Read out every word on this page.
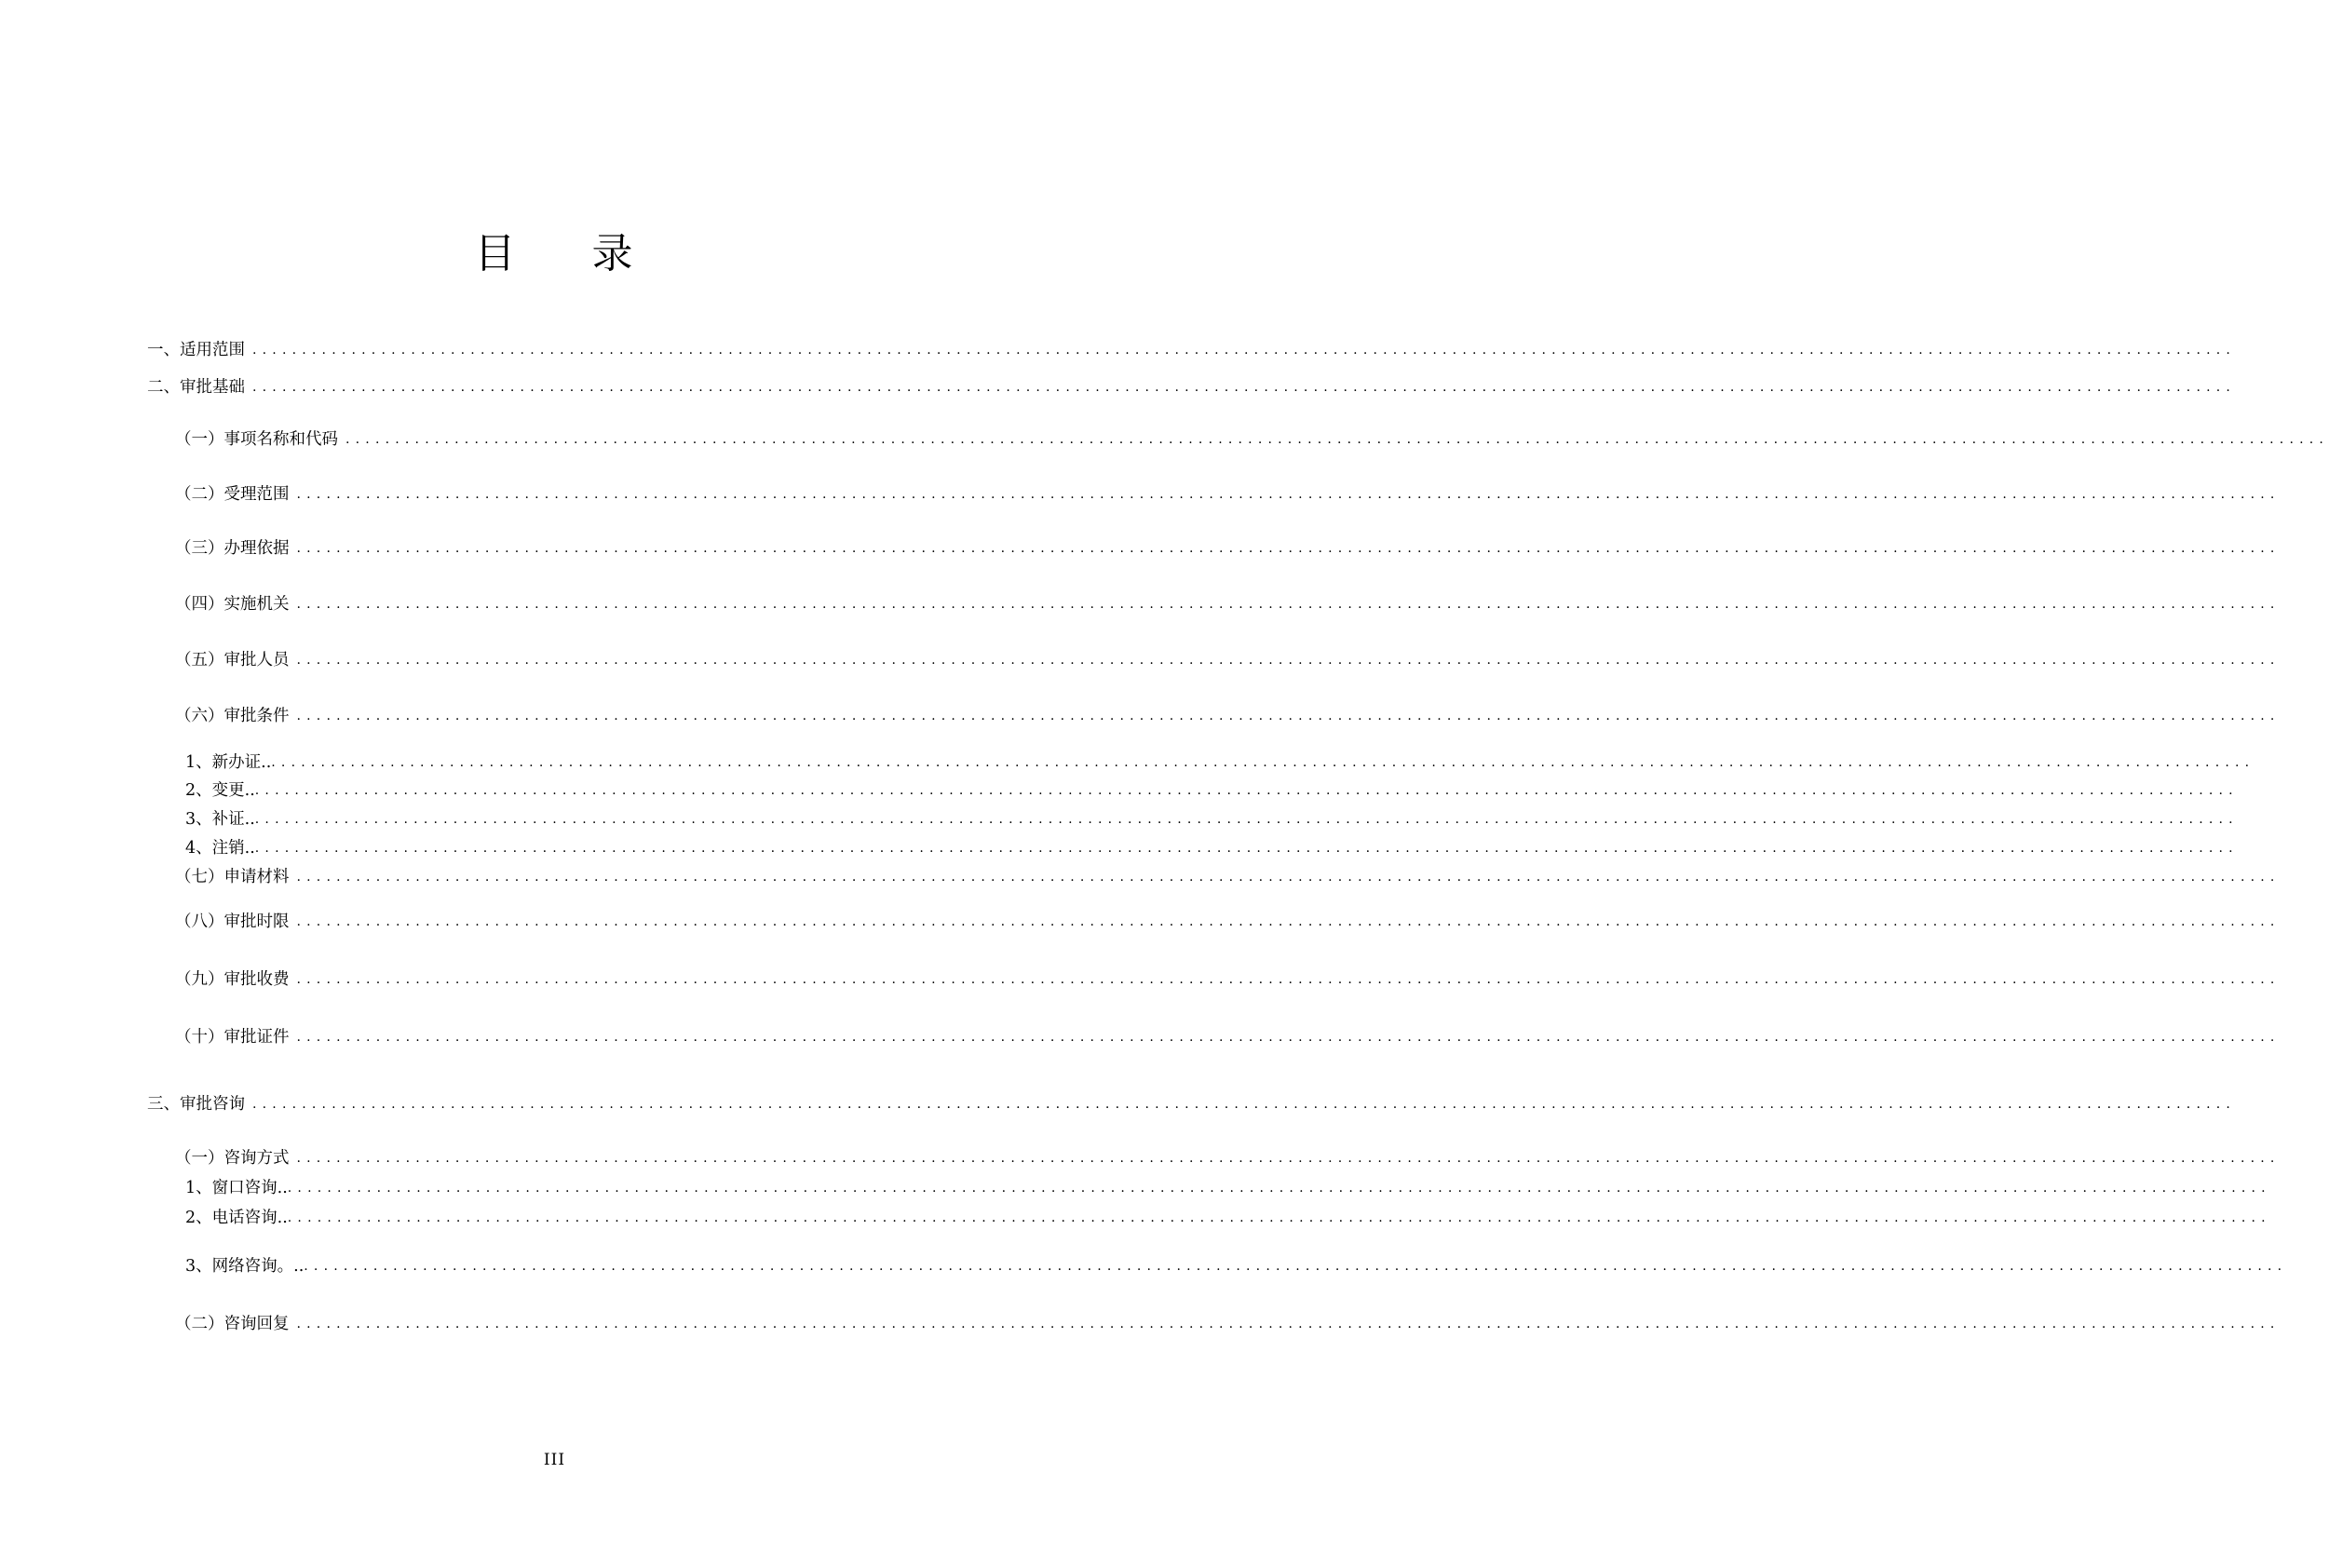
目 录
一、适用范围 ........................................................................................................................................................................................................
二、审批基础 ........................................................................................................................................................................................................
（一）事项名称和代码 ........................................................................................................................................................................................................
（二）受理范围 ........................................................................................................................................................................................................
（三）办理依据 ........................................................................................................................................................................................................
（四）实施机关 ........................................................................................................................................................................................................
（五）审批人员 ........................................................................................................................................................................................................
（六）审批条件 ........................................................................................................................................................................................................
1、新办证.. ........................................................................................................................................................................................................
2、变更.. ........................................................................................................................................................................................................
3、补证.. ........................................................................................................................................................................................................
4、注销.. ........................................................................................................................................................................................................
（七）申请材料 ........................................................................................................................................................................................................
（八）审批时限 ........................................................................................................................................................................................................
（九）审批收费 ........................................................................................................................................................................................................
（十）审批证件 ........................................................................................................................................................................................................
三、审批咨询 ........................................................................................................................................................................................................
（一）咨询方式 ........................................................................................................................................................................................................
1、窗口咨询.. ........................................................................................................................................................................................................
2、电话咨询.. ........................................................................................................................................................................................................
3、网络咨询。.. ........................................................................................................................................................................................................
（二）咨询回复 ........................................................................................................................................................................................................
III
